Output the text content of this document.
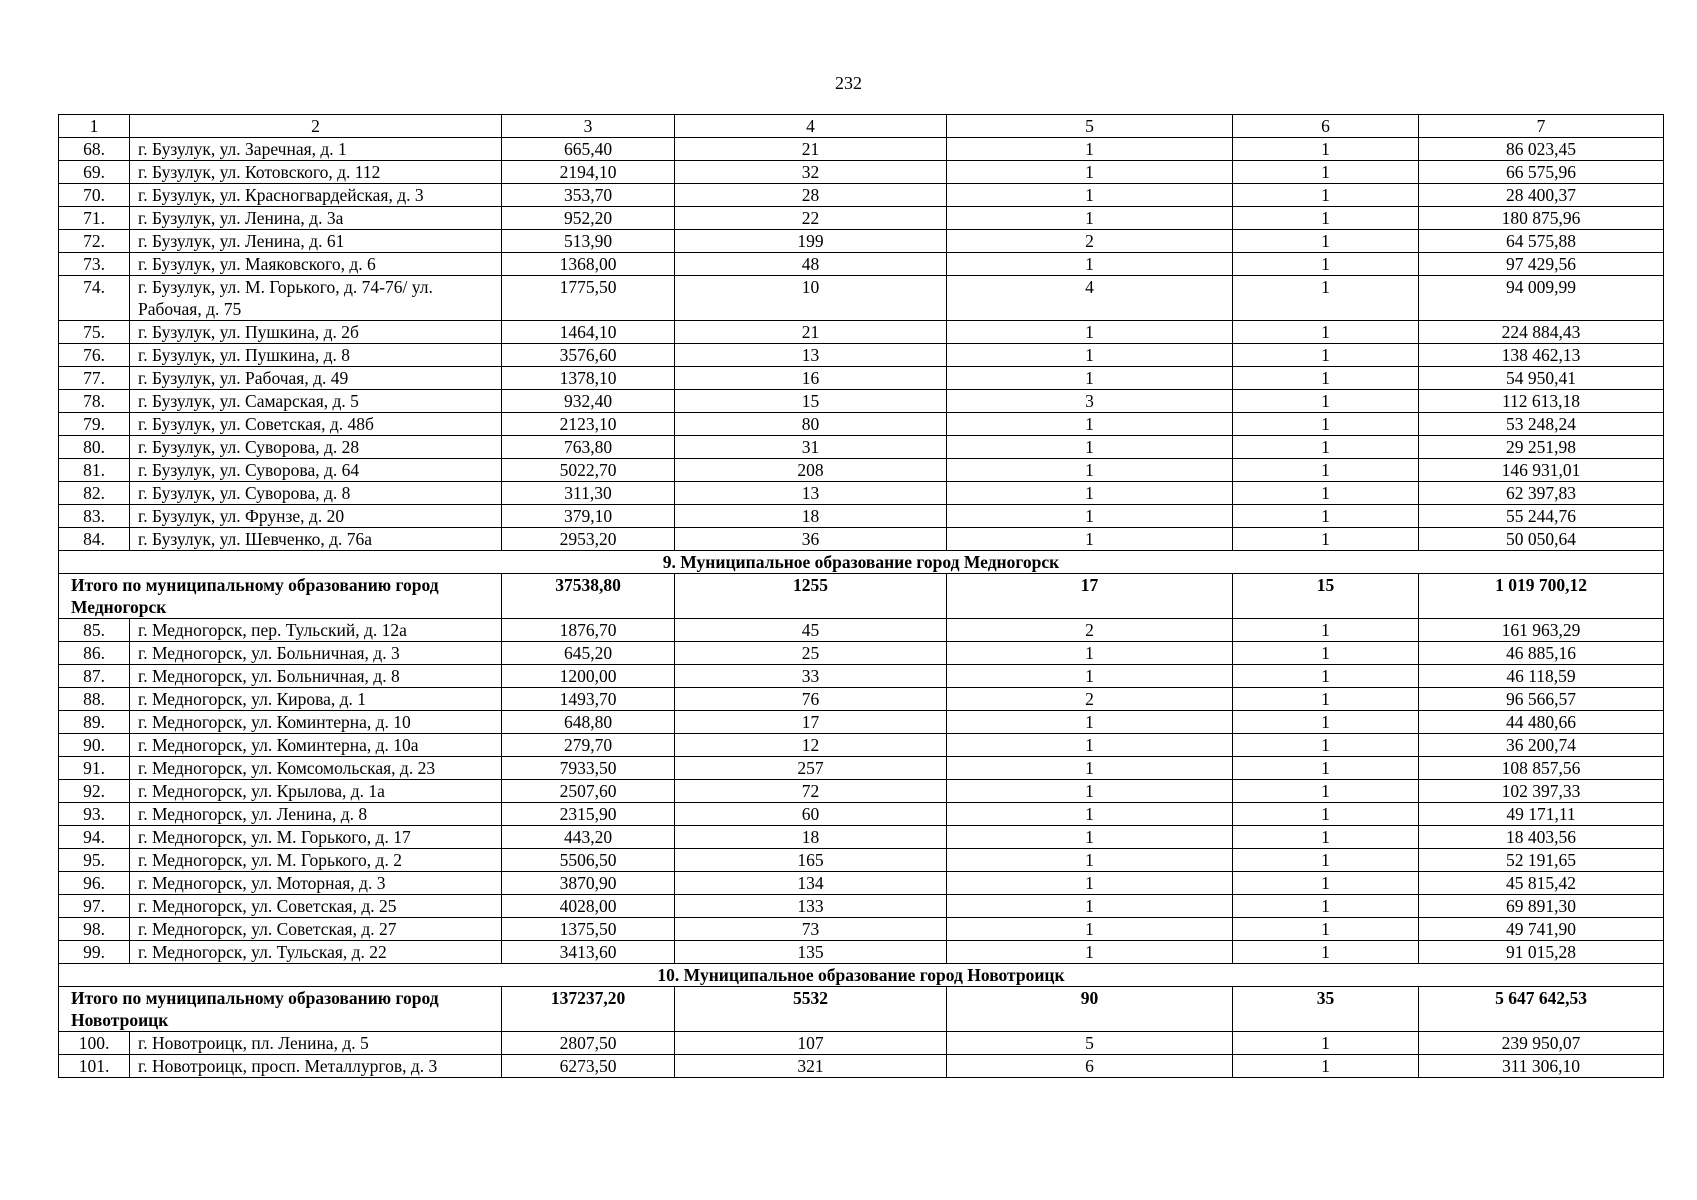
232
1	2	3	4	5	6	7
68.	г. Бузулук, ул. Заречная, д. 1	665,40	21	1	1	86 023,45
69.	г. Бузулук, ул. Котовского, д. 112	2194,10	32	1	1	66 575,96
70.	г. Бузулук, ул. Красногвардейская, д. 3	353,70	28	1	1	28 400,37
71.	г. Бузулук, ул. Ленина, д. 3а	952,20	22	1	1	180 875,96
72.	г. Бузулук, ул. Ленина, д. 61	513,90	199	2	1	64 575,88
73.	г. Бузулук, ул. Маяковского, д. 6	1368,00	48	1	1	97 429,56
74.	г. Бузулук, ул. М. Горького, д. 74-76/ ул. Рабочая, д. 75	1775,50	10	4	1	94 009,99
75.	г. Бузулук, ул. Пушкина, д. 2б	1464,10	21	1	1	224 884,43
76.	г. Бузулук, ул. Пушкина, д. 8	3576,60	13	1	1	138 462,13
77.	г. Бузулук, ул. Рабочая, д. 49	1378,10	16	1	1	54 950,41
78.	г. Бузулук, ул. Самарская, д. 5	932,40	15	3	1	112 613,18
79.	г. Бузулук, ул. Советская, д. 48б	2123,10	80	1	1	53 248,24
80.	г. Бузулук, ул. Суворова, д. 28	763,80	31	1	1	29 251,98
81.	г. Бузулук, ул. Суворова, д. 64	5022,70	208	1	1	146 931,01
82.	г. Бузулук, ул. Суворова, д. 8	311,30	13	1	1	62 397,83
83.	г. Бузулук, ул. Фрунзе, д. 20	379,10	18	1	1	55 244,76
84.	г. Бузулук, ул. Шевченко, д. 76а	2953,20	36	1	1	50 050,64
9. Муниципальное образование город Медногорск						
Итого по муниципальному образованию город Медногорск		37538,80	1255	17	15	1 019 700,12
85.	г. Медногорск, пер. Тульский, д. 12а	1876,70	45	2	1	161 963,29
86.	г. Медногорск, ул. Больничная, д. 3	645,20	25	1	1	46 885,16
87.	г. Медногорск, ул. Больничная, д. 8	1200,00	33	1	1	46 118,59
88.	г. Медногорск, ул. Кирова, д. 1	1493,70	76	2	1	96 566,57
89.	г. Медногорск, ул. Коминтерна, д. 10	648,80	17	1	1	44 480,66
90.	г. Медногорск, ул. Коминтерна, д. 10а	279,70	12	1	1	36 200,74
91.	г. Медногорск, ул. Комсомольская, д. 23	7933,50	257	1	1	108 857,56
92.	г. Медногорск, ул. Крылова, д. 1а	2507,60	72	1	1	102 397,33
93.	г. Медногорск, ул. Ленина, д. 8	2315,90	60	1	1	49 171,11
94.	г. Медногорск, ул. М. Горького, д. 17	443,20	18	1	1	18 403,56
95.	г. Медногорск, ул. М. Горького, д. 2	5506,50	165	1	1	52 191,65
96.	г. Медногорск, ул. Моторная, д. 3	3870,90	134	1	1	45 815,42
97.	г. Медногорск, ул. Советская, д. 25	4028,00	133	1	1	69 891,30
98.	г. Медногорск, ул. Советская, д. 27	1375,50	73	1	1	49 741,90
99.	г. Медногорск, ул. Тульская, д. 22	3413,60	135	1	1	91 015,28
10. Муниципальное образование город Новотроицк						
Итого по муниципальному образованию город Новотроицк		137237,20	5532	90	35	5 647 642,53
100.	г. Новотроицк, пл. Ленина, д. 5	2807,50	107	5	1	239 950,07
101.	г. Новотроицк, просп. Металлургов, д. 3	6273,50	321	6	1	311 306,10
